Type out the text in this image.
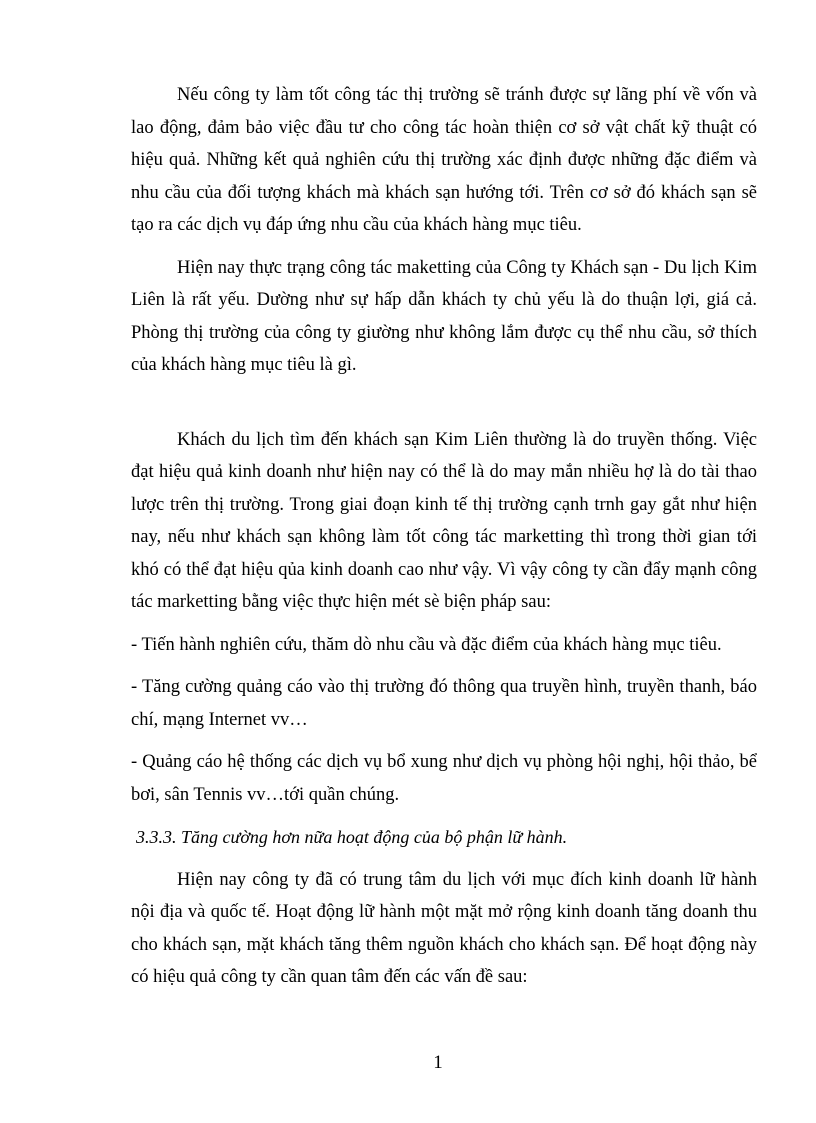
Nếu công ty làm tốt công tác thị trường sẽ tránh được sự lãng phí về vốn và lao động, đảm bảo việc đầu tư cho công tác hoàn thiện cơ sở vật chất kỹ thuật có hiệu quả. Những kết quả nghiên cứu thị trường xác định được những đặc điểm và nhu cầu của đối tượng khách mà khách sạn hướng tới. Trên cơ sở đó khách sạn sẽ tạo ra các dịch vụ đáp ứng nhu cầu của khách hàng mục tiêu.

Hiện nay thực trạng công tác maketting của Công ty Khách sạn - Du lịch Kim Liên là rất yếu. Dường như sự hấp dẫn khách ty chủ yếu là do thuận lợi, giá cả. Phòng thị trường của công ty giường như không lắm được cụ thể nhu cầu, sở thích của khách hàng mục tiêu là gì.

Khách du lịch tìm đến khách sạn Kim Liên thường là do truyền thống. Việc đạt hiệu quả kinh doanh như hiện nay có thể là do may mắn nhiều hợ là do tài thao lược trên thị trường. Trong giai đoạn kinh tế thị trường cạnh trnh gay gắt như hiện nay, nếu như khách sạn không làm tốt công tác marketting thì trong thời gian tới khó có thể đạt hiệu qủa kinh doanh cao như vậy. Vì vậy công ty cần đẩy mạnh công tác marketting bằng việc thực hiện mét sè biện pháp sau:

- Tiến hành nghiên cứu, thăm dò nhu cầu và đặc điểm của khách hàng mục tiêu.

- Tăng cường quảng cáo vào thị trường đó thông qua truyền hình, truyền thanh, báo chí, mạng Internet vv…

- Quảng cáo hệ thống các dịch vụ bổ xung như dịch vụ phòng hội nghị, hội thảo, bể bơi, sân Tennis vv…tới quần chúng.

3.3.3. Tăng cường hơn nữa hoạt động của bộ phận lữ hành.

Hiện nay công ty đã có trung tâm du lịch với mục đích kinh doanh lữ hành nội địa và quốc tế. Hoạt động lữ hành một mặt mở rộng kinh doanh tăng doanh thu cho khách sạn, mặt khách tăng thêm nguồn khách cho khách sạn. Để hoạt động này có hiệu quả công ty cần quan tâm đến các vấn đề sau:

1
